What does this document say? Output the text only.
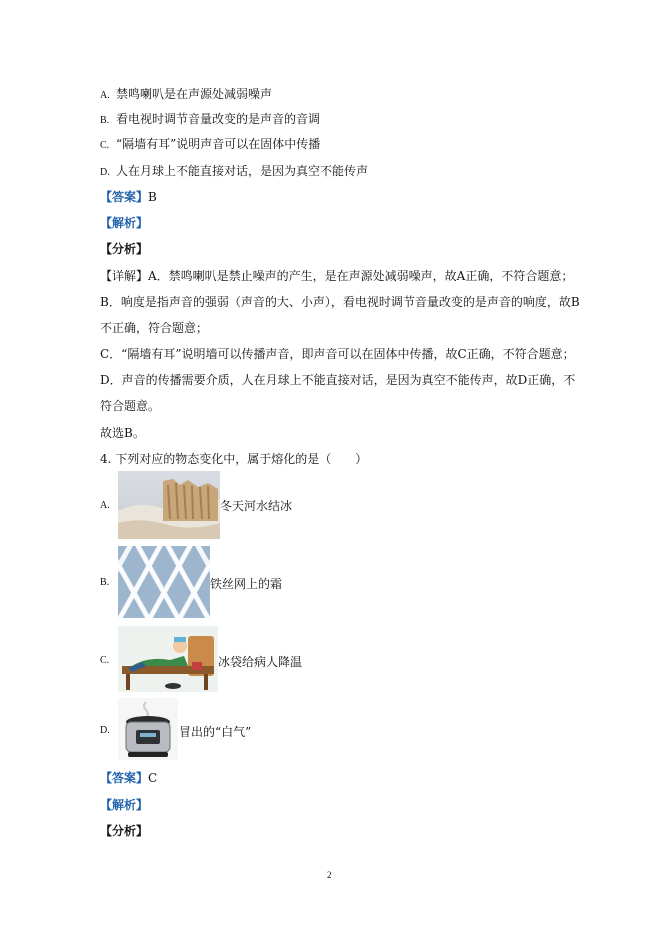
A. 禁鸣喇叭是在声源处减弱噪声
B. 看电视时调节音量改变的是声音的音调
C. “隔墙有耳”说明声音可以在固体中传播
D. 人在月球上不能直接对话，是因为真空不能传声
【答案】B
【解析】
【分析】
【详解】A．禁鸣喇叭是禁止噪声的产生，是在声源处减弱噪声，故A正确，不符合题意；
B．响度是指声音的强弱（声音的大、小声），看电视时调节音量改变的是声音的响度，故B
不正确，符合题意；
C．“隔墙有耳”说明墙可以传播声音，即声音可以在固体中传播，故C正确，不符合题意；
D．声音的传播需要介质，人在月球上不能直接对话，是因为真空不能传声，故D正确，不
符合题意。
故选B。
4. 下列对应的物态变化中，属于熔化的是（　　）
A.	冬天河水结冰
B.	铁丝网上的霜
C.	冰袋给病人降温
D.	冒出的“白气”
【答案】C
【解析】
【分析】
2
